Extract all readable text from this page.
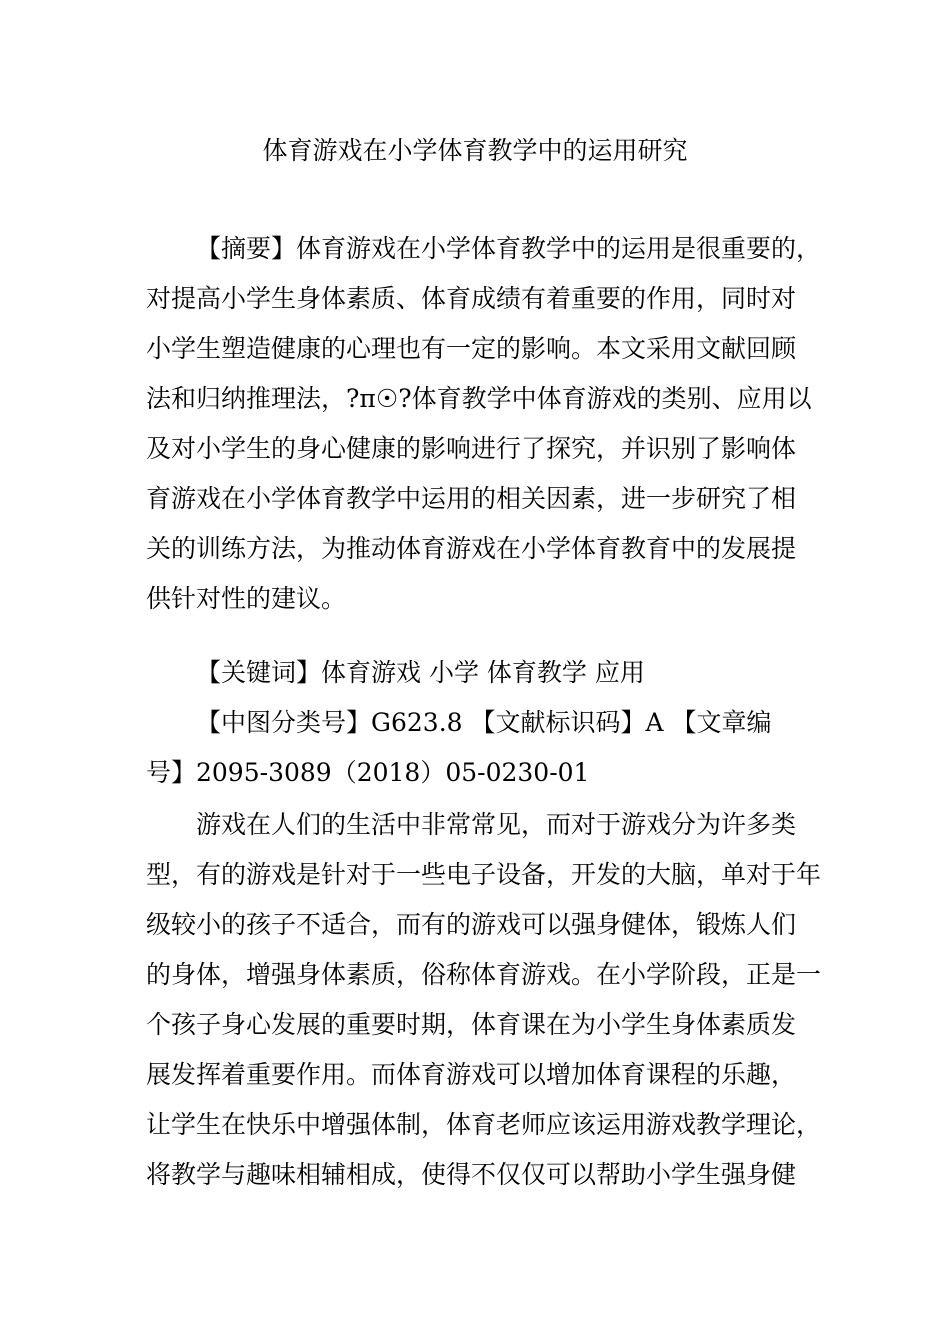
体育游戏在小学体育教学中的运用研究

【摘要】体育游戏在小学体育教学中的运用是很重要的，

对提高小学生身体素质、体育成绩有着重要的作用，同时对

小学生塑造健康的心理也有一定的影响。本文采用文献回顾

法和归纳推理法，?π☉?体育教学中体育游戏的类别、应用以

及对小学生的身心健康的影响进行了探究，并识别了影响体

育游戏在小学体育教学中运用的相关因素，进一步研究了相

关的训练方法，为推动体育游戏在小学体育教育中的发展提

供针对性的建议。

【关键词】体育游戏 小学 体育教学 应用

【中图分类号】G623.8 【文献标识码】A 【文章编

号】2095-3089（2018）05-0230-01

游戏在人们的生活中非常常见，而对于游戏分为许多类

型，有的游戏是针对于一些电子设备，开发的大脑，单对于年

级较小的孩子不适合，而有的游戏可以强身健体，锻炼人们

的身体，增强身体素质，俗称体育游戏。在小学阶段，正是一

个孩子身心发展的重要时期，体育课在为小学生身体素质发

展发挥着重要作用。而体育游戏可以增加体育课程的乐趣，

让学生在快乐中增强体制，体育老师应该运用游戏教学理论，

将教学与趣味相辅相成，使得不仅仅可以帮助小学生强身健
